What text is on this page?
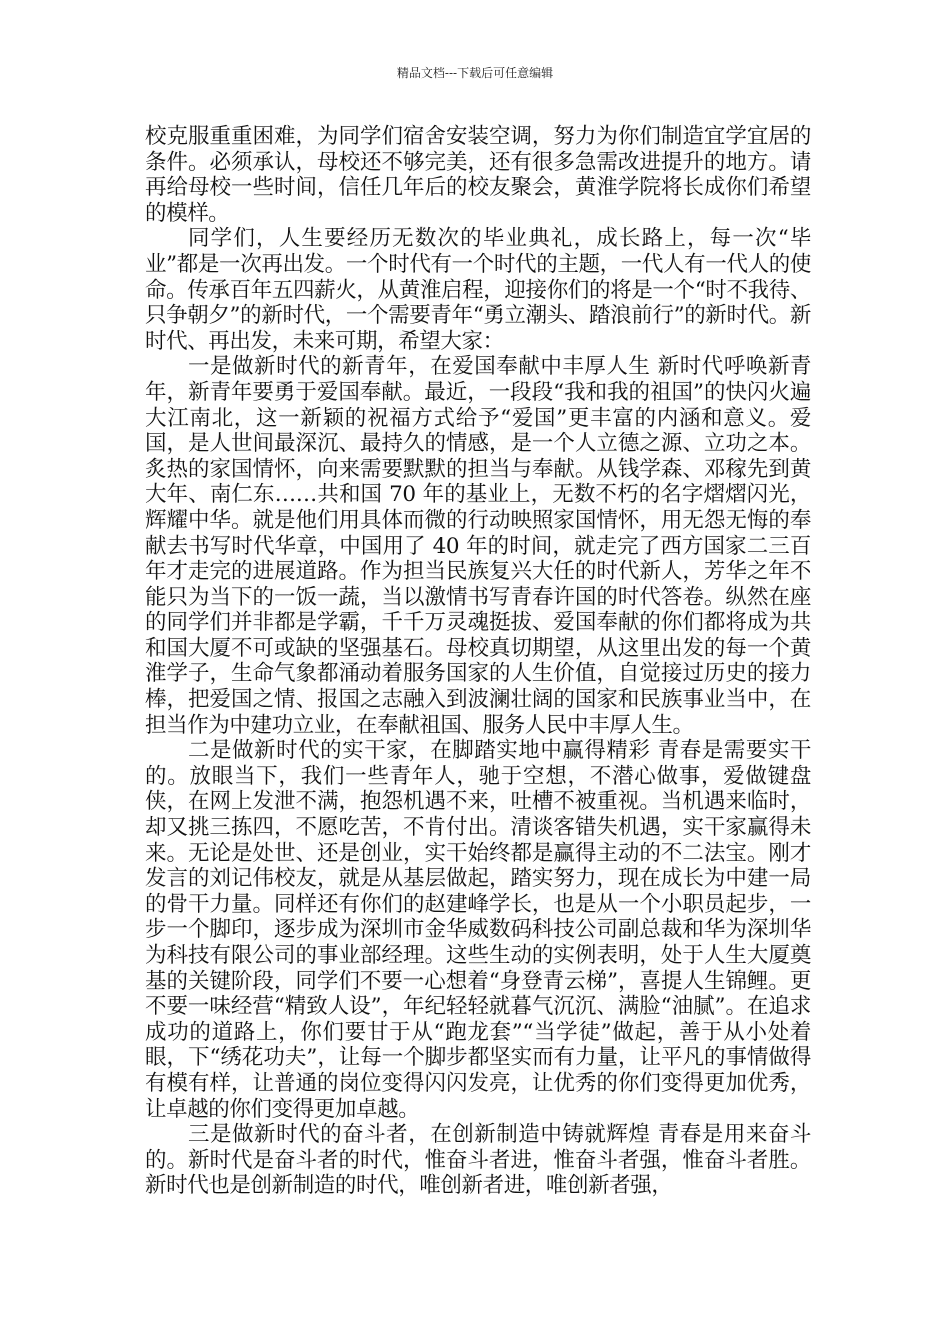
精品文档---下载后可任意编辑

校克服重重困难，为同学们宿舍安装空调，努力为你们制造宜学宜居的条件。必须承认，母校还不够完美，还有很多急需改进提升的地方。请再给母校一些时间，信任几年后的校友聚会，黄淮学院将长成你们希望的模样。

同学们，人生要经历无数次的毕业典礼，成长路上，每一次“毕业”都是一次再出发。一个时代有一个时代的主题，一代人有一代人的使命。传承百年五四薪火，从黄淮启程，迎接你们的将是一个“时不我待、只争朝夕”的新时代，一个需要青年“勇立潮头、踏浪前行”的新时代。新时代、再出发，未来可期，希望大家：

一是做新时代的新青年，在爱国奉献中丰厚人生 新时代呼唤新青年，新青年要勇于爱国奉献。最近，一段段“我和我的祖国”的快闪火遍大江南北，这一新颖的祝福方式给予“爱国”更丰富的内涵和意义。爱国，是人世间最深沉、最持久的情感，是一个人立德之源、立功之本。炙热的家国情怀，向来需要默默的担当与奉献。从钱学森、邓稼先到黄大年、南仁东……共和国 70 年的基业上，无数不朽的名字熠熠闪光，辉耀中华。就是他们用具体而微的行动映照家国情怀，用无怨无悔的奉献去书写时代华章，中国用了 40 年的时间，就走完了西方国家二三百年才走完的进展道路。作为担当民族复兴大任的时代新人，芳华之年不能只为当下的一饭一蔬，当以激情书写青春许国的时代答卷。纵然在座的同学们并非都是学霸，千千万灵魂挺拔、爱国奉献的你们都将成为共和国大厦不可或缺的坚强基石。母校真切期望，从这里出发的每一个黄淮学子，生命气象都涌动着服务国家的人生价值，自觉接过历史的接力棒，把爱国之情、报国之志融入到波澜壮阔的国家和民族事业当中，在担当作为中建功立业，在奉献祖国、服务人民中丰厚人生。

二是做新时代的实干家，在脚踏实地中赢得精彩 青春是需要实干的。放眼当下，我们一些青年人，驰于空想，不潜心做事，爱做键盘侠，在网上发泄不满，抱怨机遇不来，吐槽不被重视。当机遇来临时，却又挑三拣四，不愿吃苦，不肯付出。清谈客错失机遇，实干家赢得未来。无论是处世、还是创业，实干始终都是赢得主动的不二法宝。刚才发言的刘记伟校友，就是从基层做起，踏实努力，现在成长为中建一局的骨干力量。同样还有你们的赵建峰学长，也是从一个小职员起步，一步一个脚印，逐步成为深圳市金华威数码科技公司副总裁和华为深圳华为科技有限公司的事业部经理。这些生动的实例表明，处于人生大厦奠基的关键阶段，同学们不要一心想着“身登青云梯”，喜提人生锦鲤。更不要一味经营“精致人设”，年纪轻轻就暮气沉沉、满脸“油腻”。在追求成功的道路上，你们要甘于从“跑龙套”“当学徒”做起，善于从小处着眼，下“绣花功夫”，让每一个脚步都坚实而有力量，让平凡的事情做得有模有样，让普通的岗位变得闪闪发亮，让优秀的你们变得更加优秀，让卓越的你们变得更加卓越。

三是做新时代的奋斗者，在创新制造中铸就辉煌 青春是用来奋斗的。新时代是奋斗者的时代，惟奋斗者进，惟奋斗者强，惟奋斗者胜。新时代也是创新制造的时代，唯创新者进，唯创新者强，
